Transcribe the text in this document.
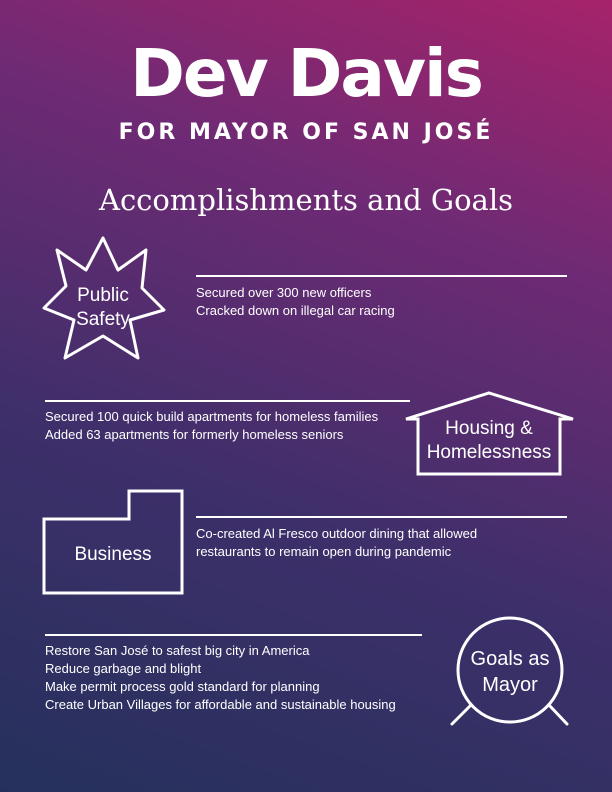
Dev Davis
FOR MAYOR OF SAN JOSÉ
Accomplishments and Goals
Public
Safety
Secured over 300 new officers
Cracked down on illegal car racing
Secured 100 quick build apartments for homeless families
Added 63 apartments for formerly homeless seniors	Housing &
Homelessness
Business
Co-created Al Fresco outdoor dining that allowed
restaurants to remain open during pandemic
Restore San José to safest big city in America
Reduce garbage and blight
Make permit process gold standard for planning
Create Urban Villages for affordable and sustainable housing
Goals as
Mayor
